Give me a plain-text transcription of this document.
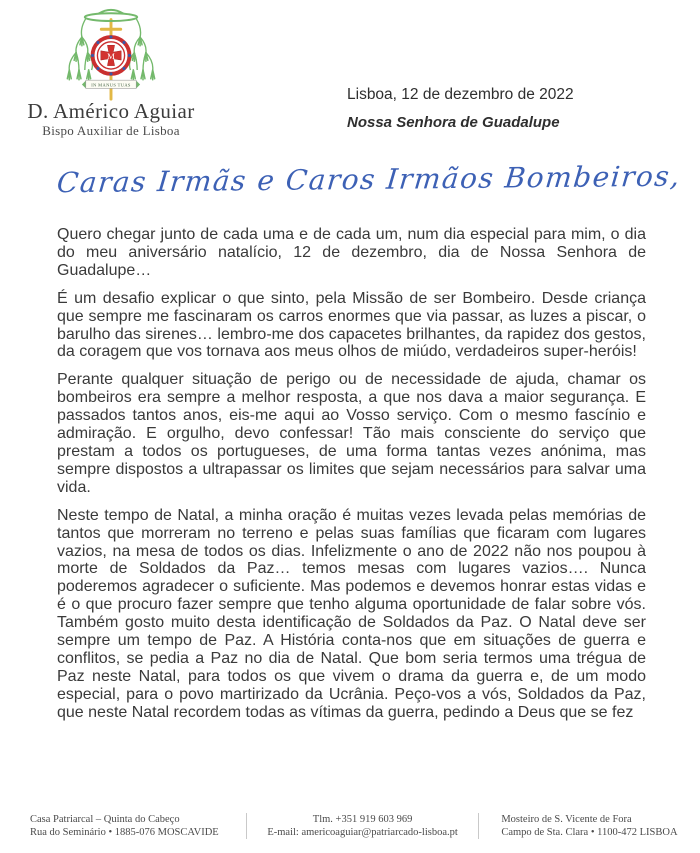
M
IN MANUS TUAS
D. Américo Aguiar
Bispo Auxiliar de Lisboa
Lisboa, 12 de dezembro de 2022
Nossa Senhora de Guadalupe
Caras Irmãs e Caros Irmãos Bombeiros,

Quero chegar junto de cada uma e de cada um, num dia especial para mim, o dia do meu aniversário natalício, 12 de dezembro, dia de Nossa Senhora de Guadalupe…

É um desafio explicar o que sinto, pela Missão de ser Bombeiro. Desde criança que sempre me fascinaram os carros enormes que via passar, as luzes a piscar, o barulho das sirenes… lembro-me dos capacetes brilhantes, da rapidez dos gestos, da coragem que vos tornava aos meus olhos de miúdo, verdadeiros super-heróis!

Perante qualquer situação de perigo ou de necessidade de ajuda, chamar os bombeiros era sempre a melhor resposta, a que nos dava a maior segurança. E passados tantos anos, eis-me aqui ao Vosso serviço. Com o mesmo fascínio e admiração. E orgulho, devo confessar! Tão mais consciente do serviço que prestam a todos os portugueses, de uma forma tantas vezes anónima, mas sempre dispostos a ultrapassar os limites que sejam necessários para salvar uma vida.

Neste tempo de Natal, a minha oração é muitas vezes levada pelas memórias de tantos que morreram no terreno e pelas suas famílias que ficaram com lugares vazios, na mesa de todos os dias. Infelizmente o ano de 2022 não nos poupou à morte de Soldados da Paz… temos mesas com lugares vazios…. Nunca poderemos agradecer o suficiente. Mas podemos e devemos honrar estas vidas e é o que procuro fazer sempre que tenho alguma oportunidade de falar sobre vós. Também gosto muito desta identificação de Soldados da Paz. O Natal deve ser sempre um tempo de Paz. A História conta-nos que em situações de guerra e conflitos, se pedia a Paz no dia de Natal. Que bom seria termos uma trégua de Paz neste Natal, para todos os que vivem o drama da guerra e, de um modo especial, para o povo martirizado da Ucrânia. Peço-vos a vós, Soldados da Paz, que neste Natal recordem todas as vítimas da guerra, pedindo a Deus que se fez

Casa Patriarcal – Quinta do Cabeço
Rua do Seminário • 1885-076 MOSCAVIDE
Tlm. +351 919 603 969
E-mail: americoaguiar@patriarcado-lisboa.pt
Mosteiro de S. Vicente de Fora
Campo de Sta. Clara • 1100-472 LISBOA
